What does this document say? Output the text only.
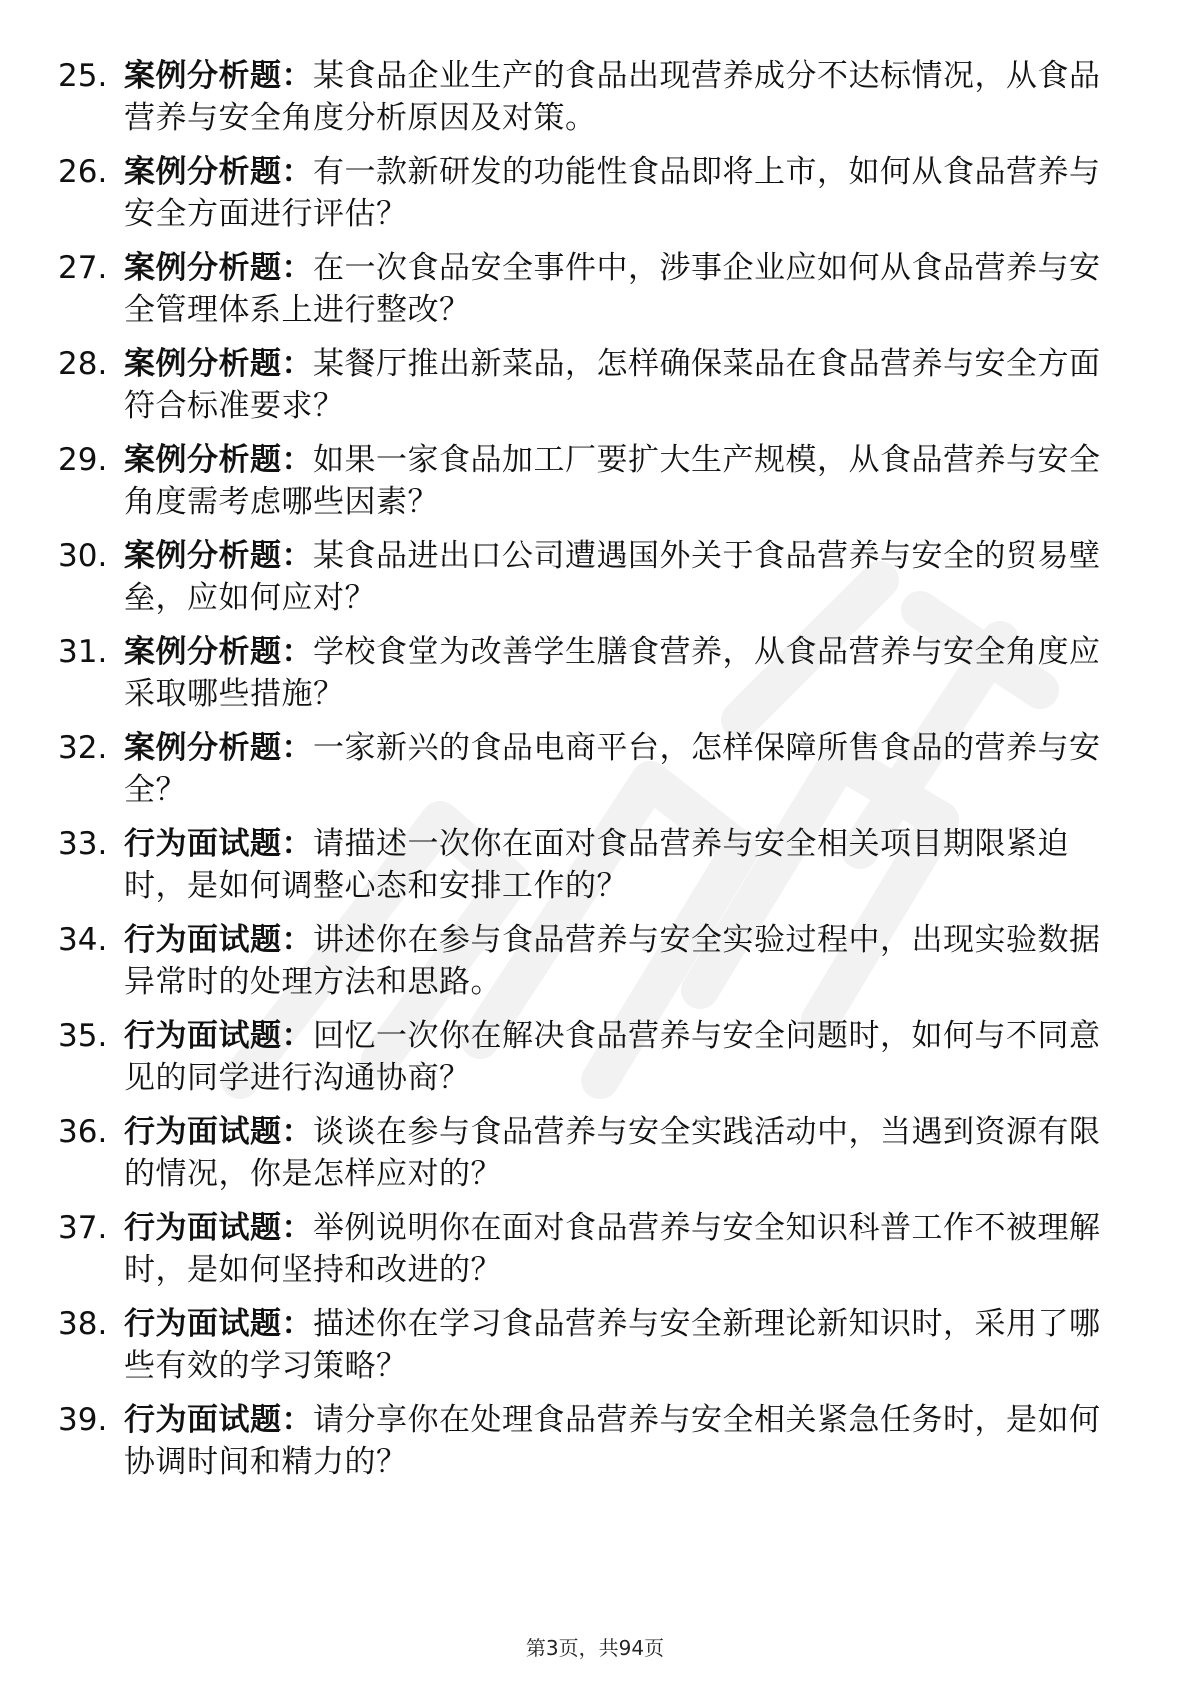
25. 案例分析题：某食品企业生产的食品出现营养成分不达标情况，从食品营养与安全角度分析原因及对策。
26. 案例分析题：有一款新研发的功能性食品即将上市，如何从食品营养与安全方面进行评估？
27. 案例分析题：在一次食品安全事件中，涉事企业应如何从食品营养与安全管理体系上进行整改？
28. 案例分析题：某餐厅推出新菜品，怎样确保菜品在食品营养与安全方面符合标准要求？
29. 案例分析题：如果一家食品加工厂要扩大生产规模，从食品营养与安全角度需考虑哪些因素？
30. 案例分析题：某食品进出口公司遭遇国外关于食品营养与安全的贸易壁垒，应如何应对？
31. 案例分析题：学校食堂为改善学生膳食营养，从食品营养与安全角度应采取哪些措施？
32. 案例分析题：一家新兴的食品电商平台，怎样保障所售食品的营养与安全？
33. 行为面试题：请描述一次你在面对食品营养与安全相关项目期限紧迫时，是如何调整心态和安排工作的？
34. 行为面试题：讲述你在参与食品营养与安全实验过程中，出现实验数据异常时的处理方法和思路。
35. 行为面试题：回忆一次你在解决食品营养与安全问题时，如何与不同意见的同学进行沟通协商？
36. 行为面试题：谈谈在参与食品营养与安全实践活动中，当遇到资源有限的情况，你是怎样应对的？
37. 行为面试题：举例说明你在面对食品营养与安全知识科普工作不被理解时，是如何坚持和改进的？
38. 行为面试题：描述你在学习食品营养与安全新理论新知识时，采用了哪些有效的学习策略？
39. 行为面试题：请分享你在处理食品营养与安全相关紧急任务时，是如何协调时间和精力的？
第3页，共94页
